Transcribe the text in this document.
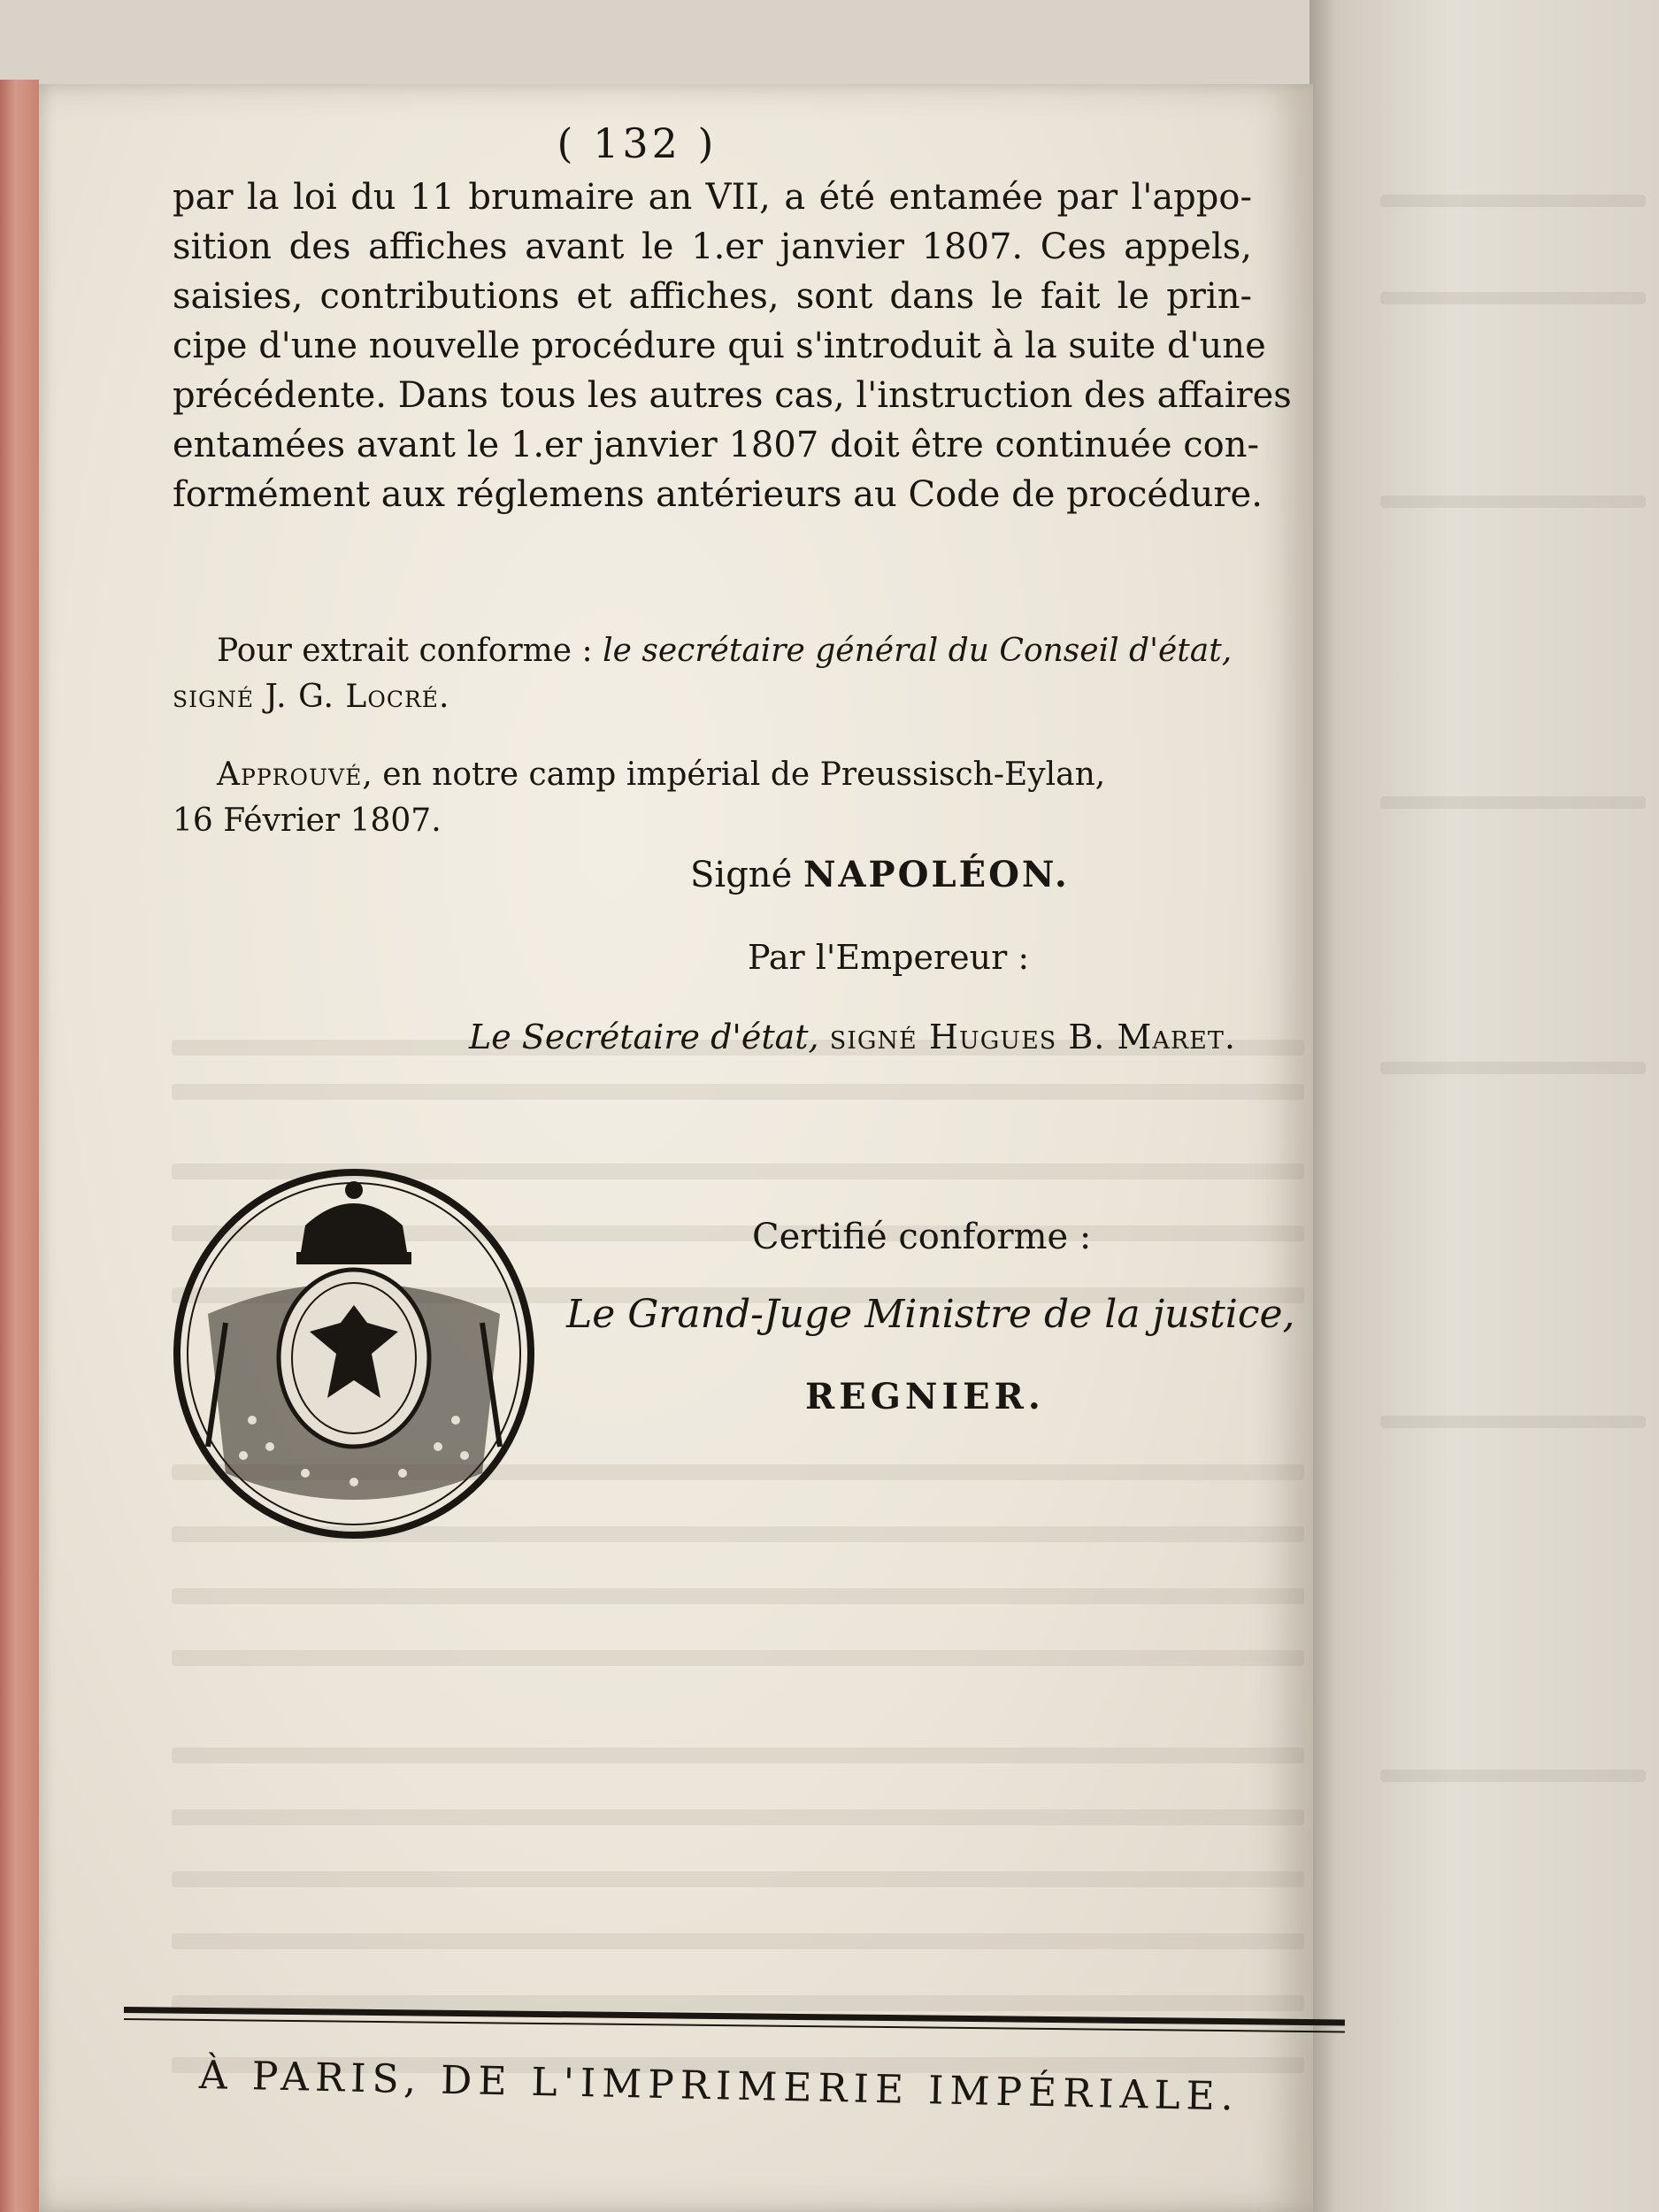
( 132 )
par la loi du 11 brumaire an VII, a été entamée par l'appo-
sition des affiches avant le 1.er janvier 1807. Ces appels,
saisies, contributions et affiches, sont dans le fait le prin-
cipe d'une nouvelle procédure qui s'introduit à la suite d'une
précédente. Dans tous les autres cas, l'instruction des affaires
entamées avant le 1.er janvier 1807 doit être continuée con-
formément aux réglemens antérieurs au Code de procédure.
Pour extrait conforme : le secrétaire général du Conseil d'état,
signé J. G. Locré.
Approuvé, en notre camp impérial de Preussisch-Eylan,
16 Février 1807.
Signé NAPOLÉON.
Par l'Empereur :
Le Secrétaire d'état, signé Hugues B. Maret.
Certifié conforme :
Le Grand-Juge Ministre de la justice,
REGNIER.
À PARIS, DE L'IMPRIMERIE IMPÉRIALE.
